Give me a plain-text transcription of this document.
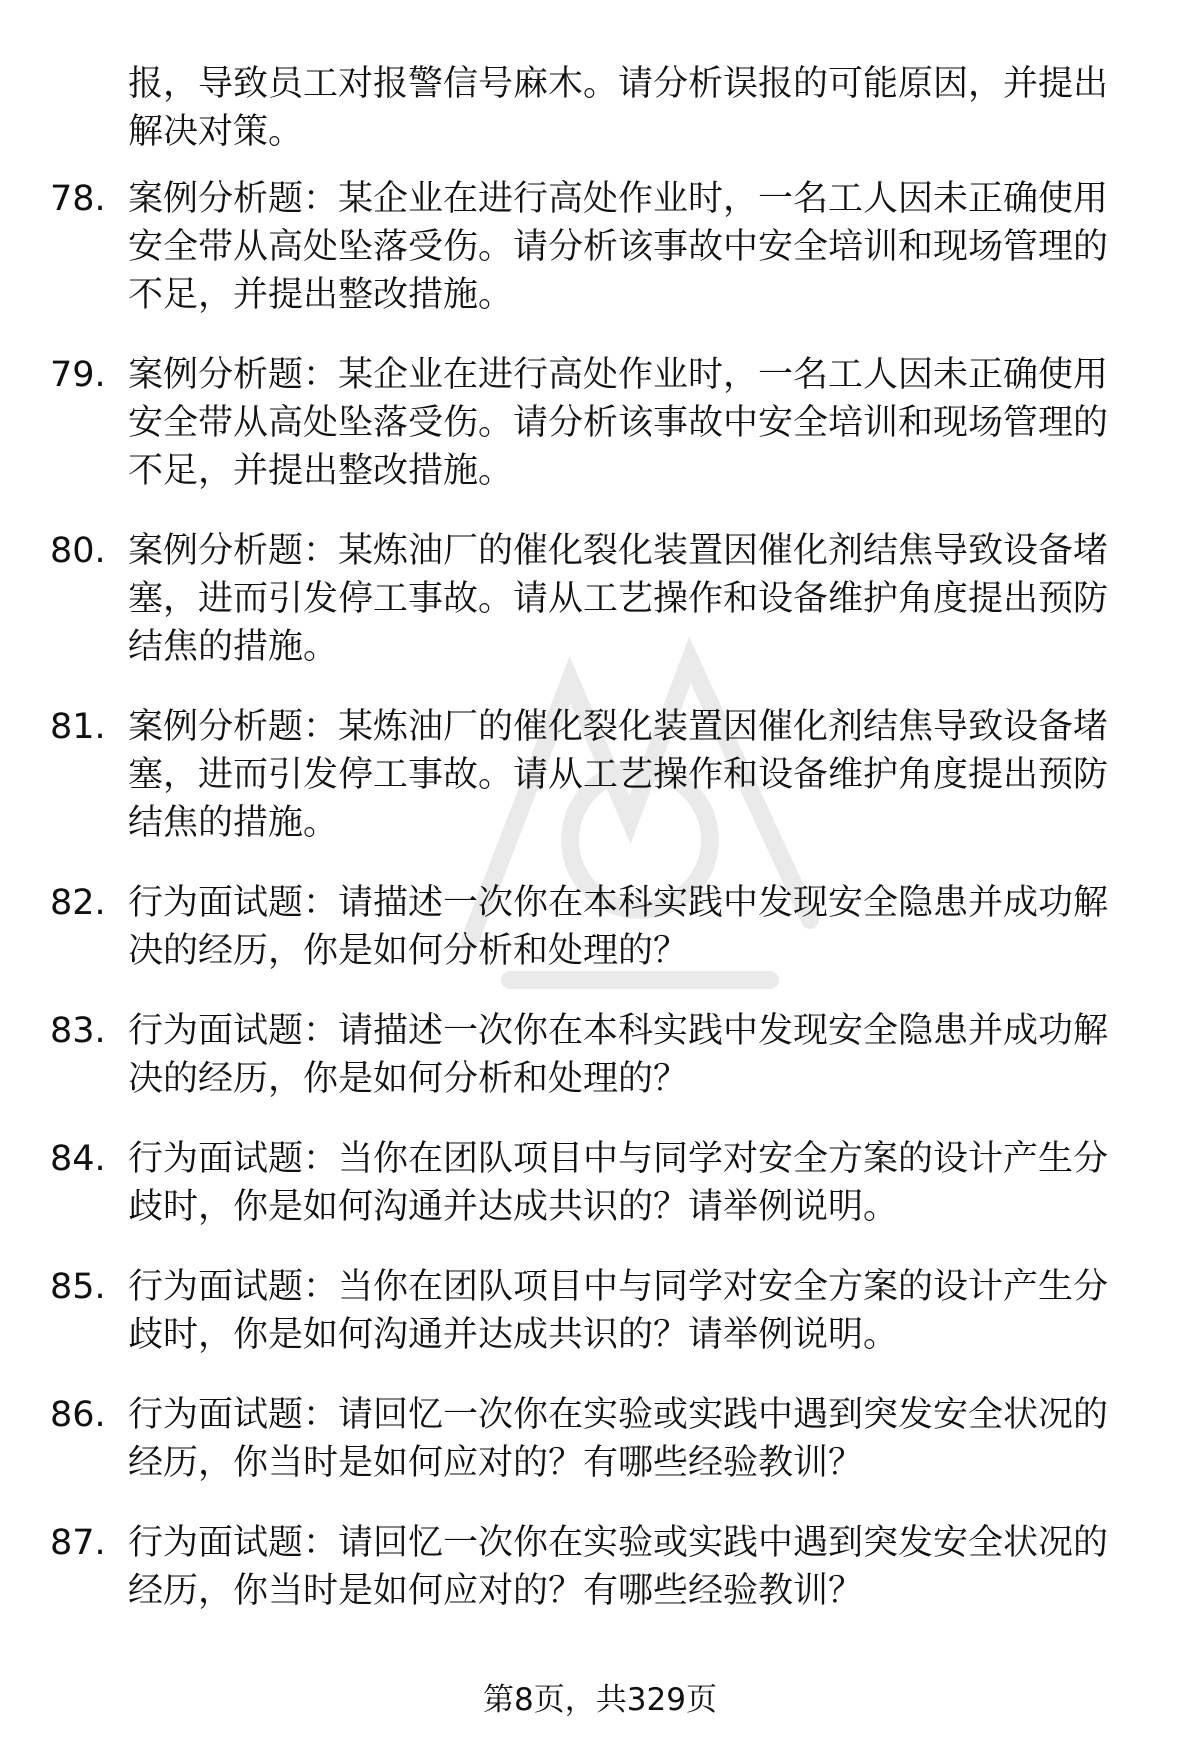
报，导致员工对报警信号麻木。请分析误报的可能原因，并提出解决对策。

78. 案例分析题：某企业在进行高处作业时，一名工人因未正确使用安全带从高处坠落受伤。请分析该事故中安全培训和现场管理的不足，并提出整改措施。
79. 案例分析题：某企业在进行高处作业时，一名工人因未正确使用安全带从高处坠落受伤。请分析该事故中安全培训和现场管理的不足，并提出整改措施。
80. 案例分析题：某炼油厂的催化裂化装置因催化剂结焦导致设备堵塞，进而引发停工事故。请从工艺操作和设备维护角度提出预防结焦的措施。
81. 案例分析题：某炼油厂的催化裂化装置因催化剂结焦导致设备堵塞，进而引发停工事故。请从工艺操作和设备维护角度提出预防结焦的措施。
82. 行为面试题：请描述一次你在本科实践中发现安全隐患并成功解决的经历，你是如何分析和处理的？
83. 行为面试题：请描述一次你在本科实践中发现安全隐患并成功解决的经历，你是如何分析和处理的？
84. 行为面试题：当你在团队项目中与同学对安全方案的设计产生分歧时，你是如何沟通并达成共识的？请举例说明。
85. 行为面试题：当你在团队项目中与同学对安全方案的设计产生分歧时，你是如何沟通并达成共识的？请举例说明。
86. 行为面试题：请回忆一次你在实验或实践中遇到突发安全状况的经历，你当时是如何应对的？有哪些经验教训？
87. 行为面试题：请回忆一次你在实验或实践中遇到突发安全状况的经历，你当时是如何应对的？有哪些经验教训？
第8页，共329页
